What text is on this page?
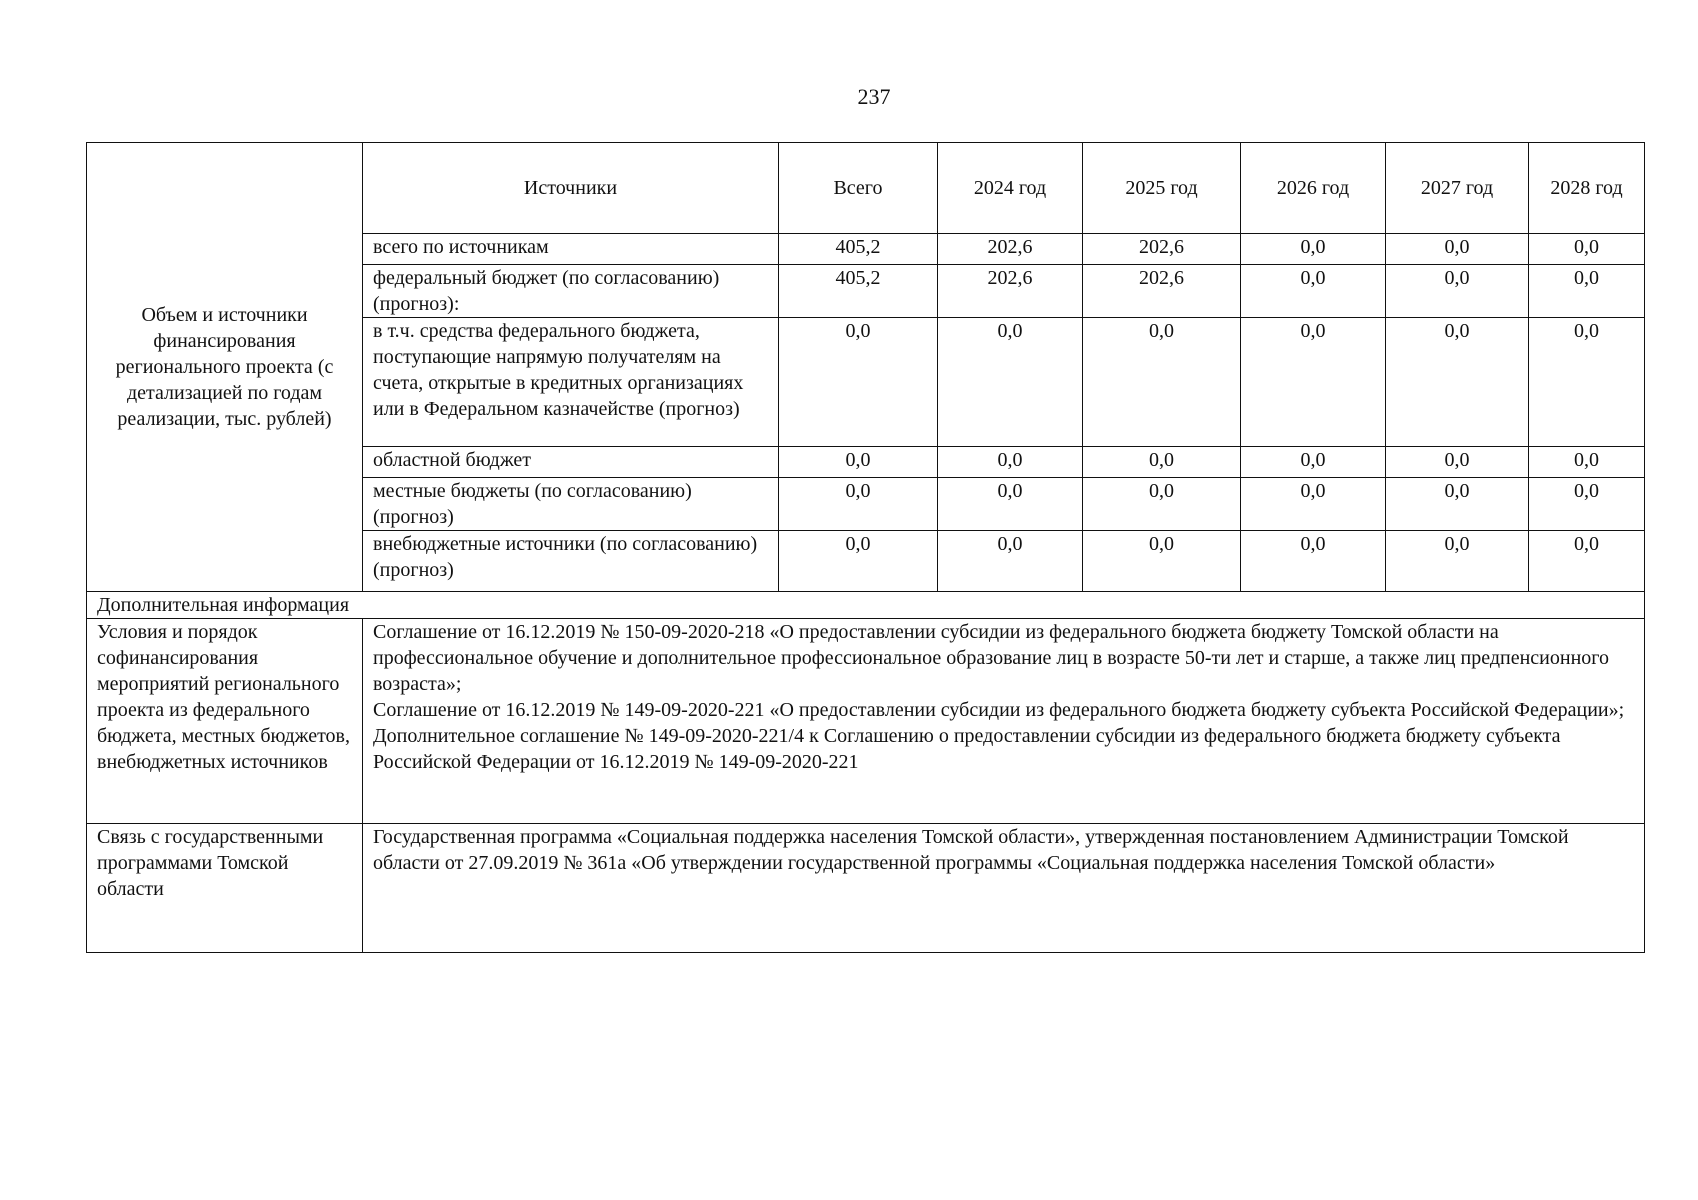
237
Объем и источники финансирования регионального проекта (с детализацией по годам реализации, тыс. рублей)	Источники	Всего	2024 год	2025 год	2026 год	2027 год	2028 год
	всего по источникам	405,2	202,6	202,6	0,0	0,0	0,0
	федеральный бюджет (по согласованию) (прогноз):	405,2	202,6	202,6	0,0	0,0	0,0
	в т.ч. средства федерального бюджета, поступающие напрямую получателям на счета, открытые в кредитных организациях или в Федеральном казначействе (прогноз)	0,0	0,0	0,0	0,0	0,0	0,0
	областной бюджет	0,0	0,0	0,0	0,0	0,0	0,0
	местные бюджеты (по согласованию) (прогноз)	0,0	0,0	0,0	0,0	0,0	0,0
	внебюджетные источники (по согласованию) (прогноз)	0,0	0,0	0,0	0,0	0,0	0,0
Дополнительная информация							
Условия и порядок софинансирования мероприятий регионального проекта из федерального бюджета, местных бюджетов, внебюджетных источников	Соглашение от 16.12.2019 № 150-09-2020-218 «О предоставлении субсидии из федерального бюджета бюджету Томской области на профессиональное обучение и дополнительное профессиональное образование лиц в возрасте 50-ти лет и старше, а также лиц предпенсионного возраста»;
Соглашение от 16.12.2019 № 149-09-2020-221 «О предоставлении субсидии из федерального бюджета бюджету субъекта Российской Федерации»;
Дополнительное соглашение № 149-09-2020-221/4 к Соглашению о предоставлении субсидии из федерального бюджета бюджету субъекта Российской Федерации от 16.12.2019 № 149-09-2020-221						

Связь с государственными программами Томской области	Государственная программа «Социальная поддержка населения Томской области», утвержденная постановлением Администрации Томской области от 27.09.2019 № 361а «Об утверждении государственной программы «Социальная поддержка населения Томской области»						
